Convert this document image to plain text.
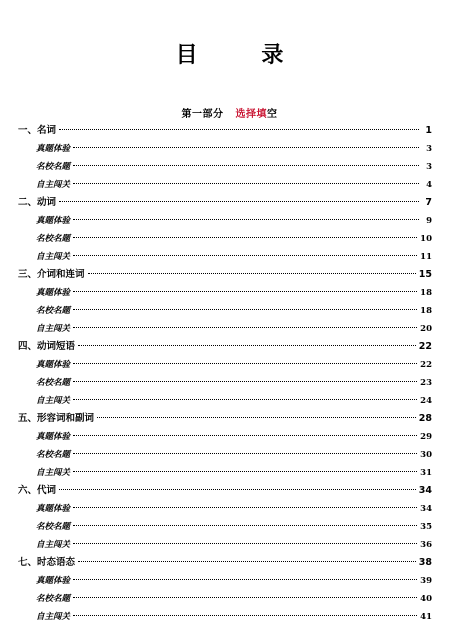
目 录
第一部分 选择填空
一、名词	1
真题体验	3
名校名题	3
自主闯关	4
二、动词	7
真题体验	9
名校名题	10
自主闯关	11
三、介词和连词	15
真题体验	18
名校名题	18
自主闯关	20
四、动词短语	22
真题体验	22
名校名题	23
自主闯关	24
五、形容词和副词	28
真题体验	29
名校名题	30
自主闯关	31
六、代词	34
真题体验	34
名校名题	35
自主闯关	36
七、时态语态	38
真题体验	39
名校名题	40
自主闯关	41
